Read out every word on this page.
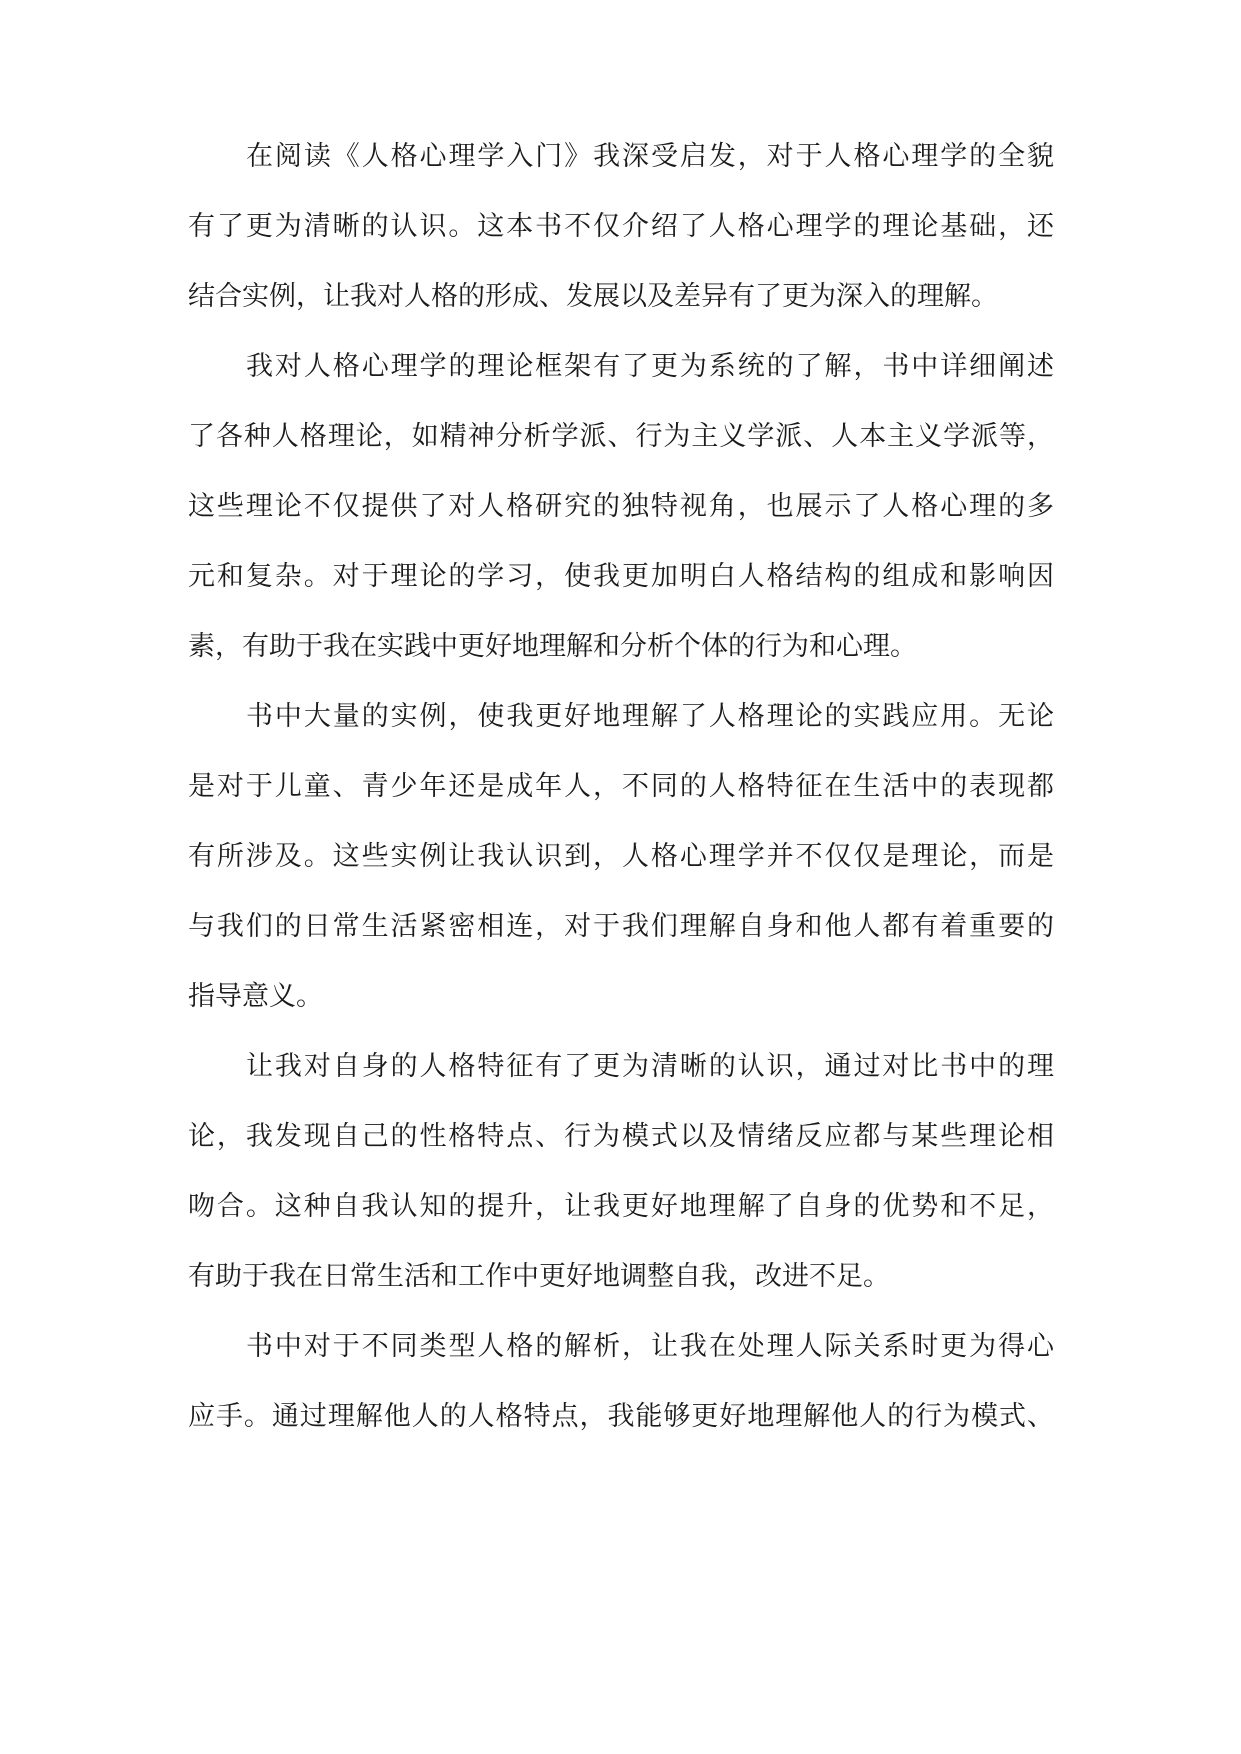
在阅读《人格心理学入门》我深受启发，对于人格心理学的全貌
有了更为清晰的认识。这本书不仅介绍了人格心理学的理论基础，还
结合实例，让我对人格的形成、发展以及差异有了更为深入的理解。
我对人格心理学的理论框架有了更为系统的了解，书中详细阐述
了各种人格理论，如精神分析学派、行为主义学派、人本主义学派等，
这些理论不仅提供了对人格研究的独特视角，也展示了人格心理的多
元和复杂。对于理论的学习，使我更加明白人格结构的组成和影响因
素，有助于我在实践中更好地理解和分析个体的行为和心理。
书中大量的实例，使我更好地理解了人格理论的实践应用。无论
是对于儿童、青少年还是成年人，不同的人格特征在生活中的表现都
有所涉及。这些实例让我认识到，人格心理学并不仅仅是理论，而是
与我们的日常生活紧密相连，对于我们理解自身和他人都有着重要的
指导意义。
让我对自身的人格特征有了更为清晰的认识，通过对比书中的理
论，我发现自己的性格特点、行为模式以及情绪反应都与某些理论相
吻合。这种自我认知的提升，让我更好地理解了自身的优势和不足，
有助于我在日常生活和工作中更好地调整自我，改进不足。
书中对于不同类型人格的解析，让我在处理人际关系时更为得心
应手。通过理解他人的人格特点，我能够更好地理解他人的行为模式、
